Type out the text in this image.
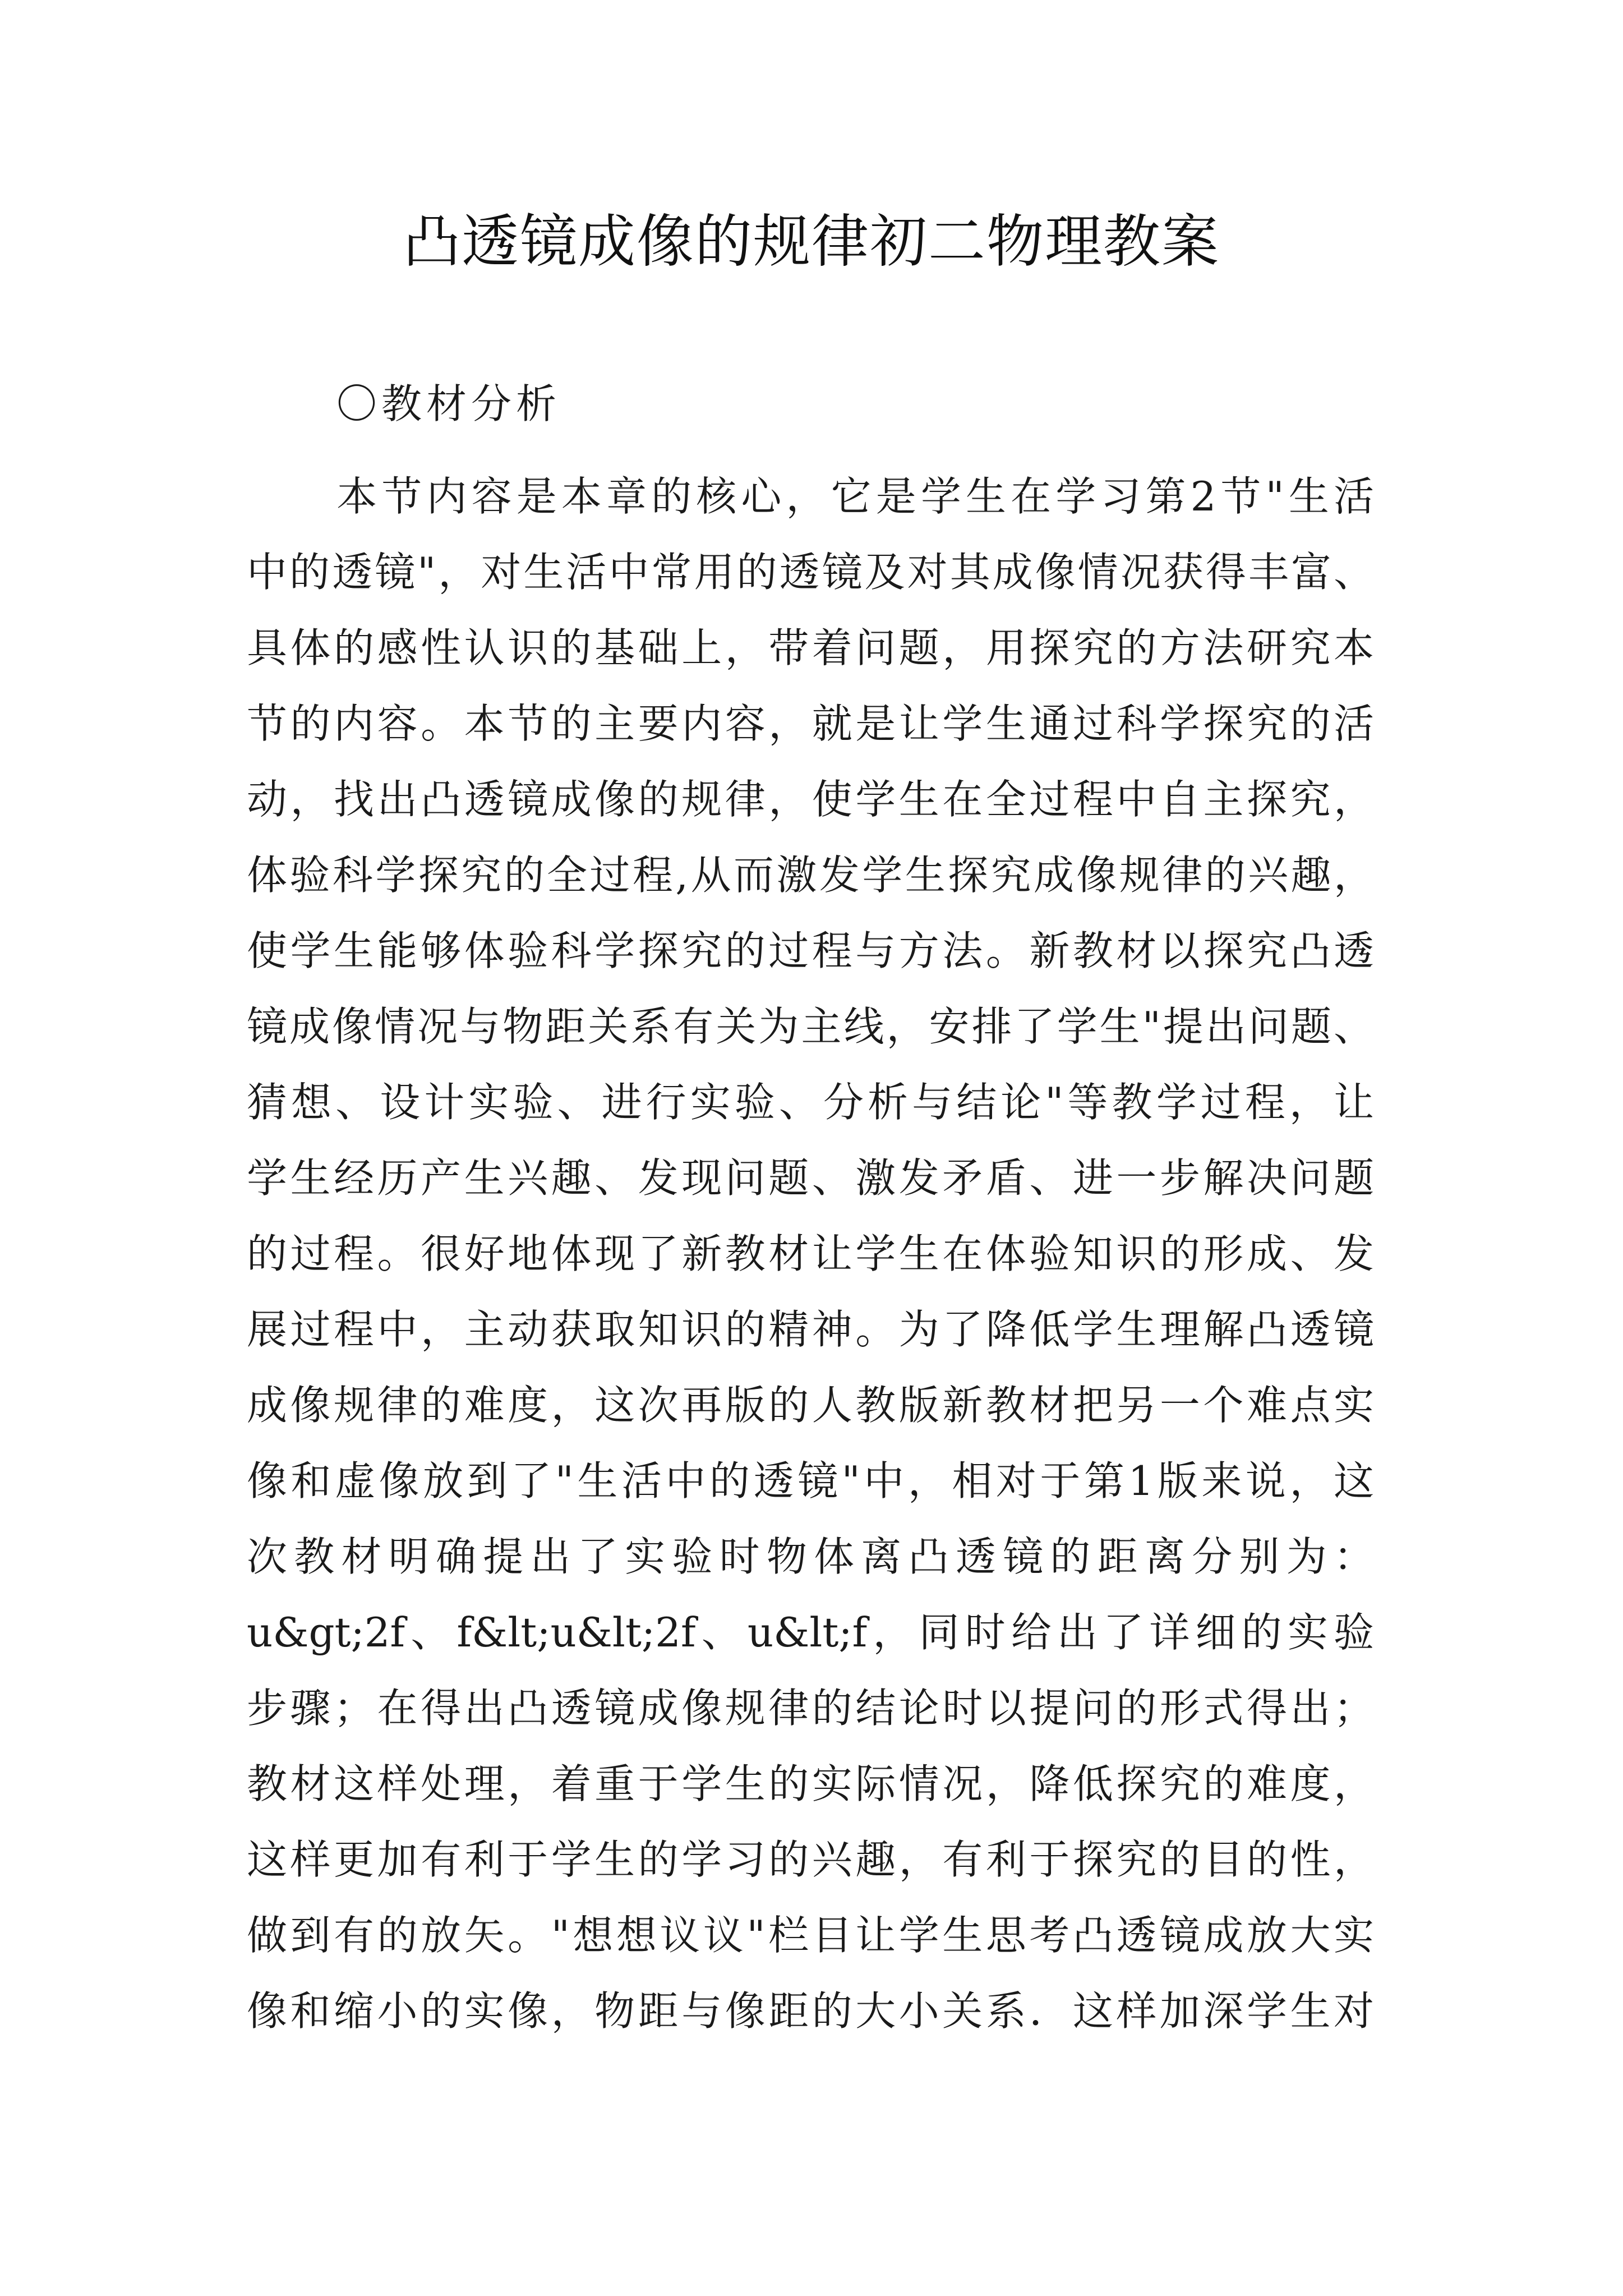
凸透镜成像的规律初二物理教案

〇教材分析

　　本节内容是本章的核心，它是学生在学习第2节"生活
中的透镜"，对生活中常用的透镜及对其成像情况获得丰富、
具体的感性认识的基础上，带着问题，用探究的方法研究本
节的内容。本节的主要内容，就是让学生通过科学探究的活
动，找出凸透镜成像的规律，使学生在全过程中自主探究，
体验科学探究的全过程,从而激发学生探究成像规律的兴趣，
使学生能够体验科学探究的过程与方法。新教材以探究凸透
镜成像情况与物距关系有关为主线，安排了学生"提出问题、
猜想、设计实验、进行实验、分析与结论"等教学过程，让
学生经历产生兴趣、发现问题、激发矛盾、进一步解决问题
的过程。很好地体现了新教材让学生在体验知识的形成、发
展过程中，主动获取知识的精神。为了降低学生理解凸透镜
成像规律的难度，这次再版的人教版新教材把另一个难点实
像和虚像放到了"生活中的透镜"中，相对于第1版来说，这
次教材明确提出了实验时物体离凸透镜的距离分别为：
u&gt;2f、f&lt;u&lt;2f、u&lt;f，同时给出了详细的实验
步骤；在得出凸透镜成像规律的结论时以提问的形式得出；
教材这样处理，着重于学生的实际情况，降低探究的难度，
这样更加有利于学生的学习的兴趣，有利于探究的目的性，
做到有的放矢。"想想议议"栏目让学生思考凸透镜成放大实
像和缩小的实像，物距与像距的大小关系．这样加深学生对
